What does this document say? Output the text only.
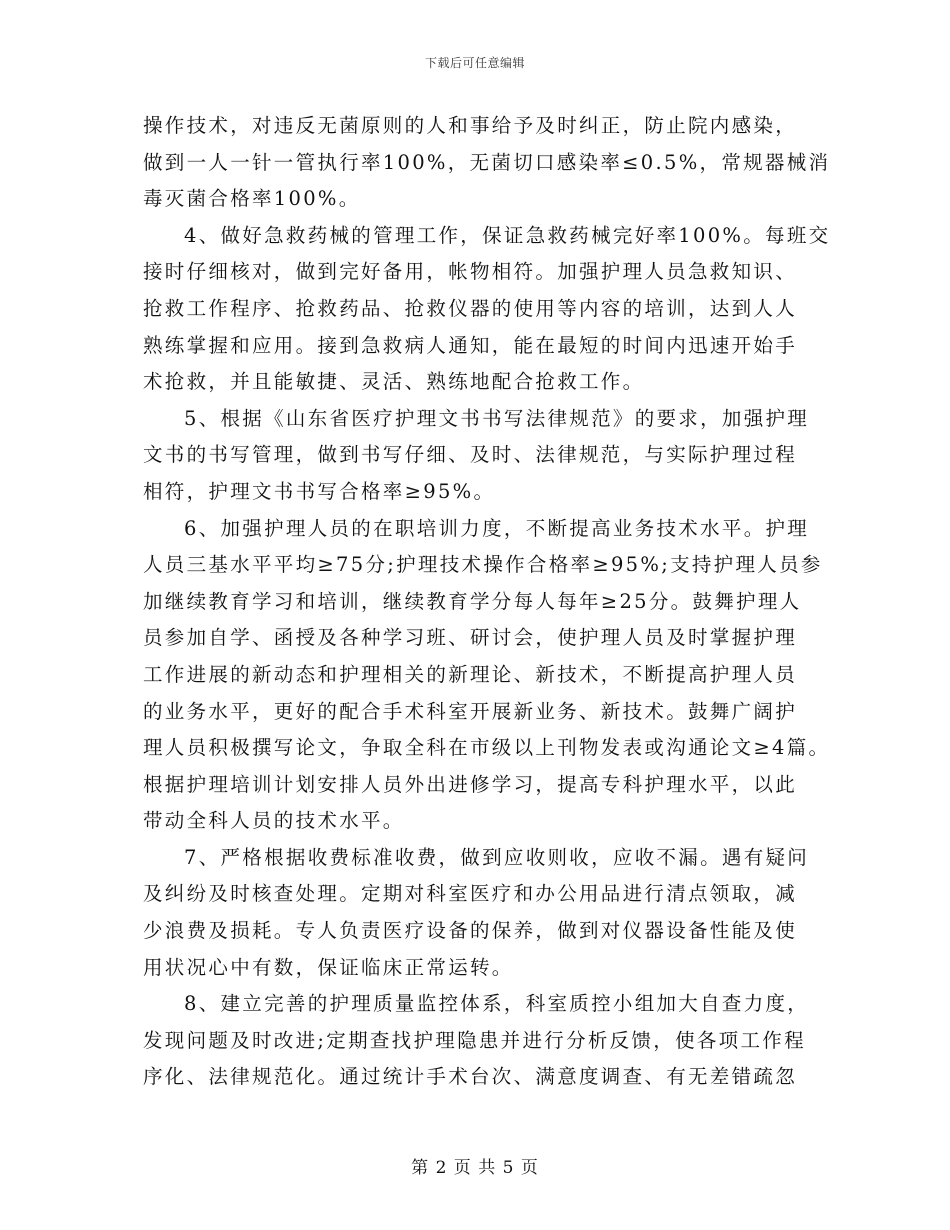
下载后可任意编辑
操作技术，对违反无菌原则的人和事给予及时纠正，防止院内感染，
做到一人一针一管执行率100%，无菌切口感染率≤0.5%，常规器械消
毒灭菌合格率100%。
4、做好急救药械的管理工作，保证急救药械完好率100%。每班交
接时仔细核对，做到完好备用，帐物相符。加强护理人员急救知识、
抢救工作程序、抢救药品、抢救仪器的使用等内容的培训，达到人人
熟练掌握和应用。接到急救病人通知，能在最短的时间内迅速开始手
术抢救，并且能敏捷、灵活、熟练地配合抢救工作。
5、根据《山东省医疗护理文书书写法律规范》的要求，加强护理
文书的书写管理，做到书写仔细、及时、法律规范，与实际护理过程
相符，护理文书书写合格率≥95%。
6、加强护理人员的在职培训力度，不断提高业务技术水平。护理
人员三基水平平均≥75分;护理技术操作合格率≥95%;支持护理人员参
加继续教育学习和培训，继续教育学分每人每年≥25分。鼓舞护理人
员参加自学、函授及各种学习班、研讨会，使护理人员及时掌握护理
工作进展的新动态和护理相关的新理论、新技术，不断提高护理人员
的业务水平，更好的配合手术科室开展新业务、新技术。鼓舞广阔护
理人员积极撰写论文，争取全科在市级以上刊物发表或沟通论文≥4篇。
根据护理培训计划安排人员外出进修学习，提高专科护理水平，以此
带动全科人员的技术水平。
7、严格根据收费标准收费，做到应收则收，应收不漏。遇有疑问
及纠纷及时核查处理。定期对科室医疗和办公用品进行清点领取，减
少浪费及损耗。专人负责医疗设备的保养，做到对仪器设备性能及使
用状况心中有数，保证临床正常运转。
8、建立完善的护理质量监控体系，科室质控小组加大自查力度，
发现问题及时改进;定期查找护理隐患并进行分析反馈，使各项工作程
序化、法律规范化。通过统计手术台次、满意度调查、有无差错疏忽
第 2 页 共 5 页
